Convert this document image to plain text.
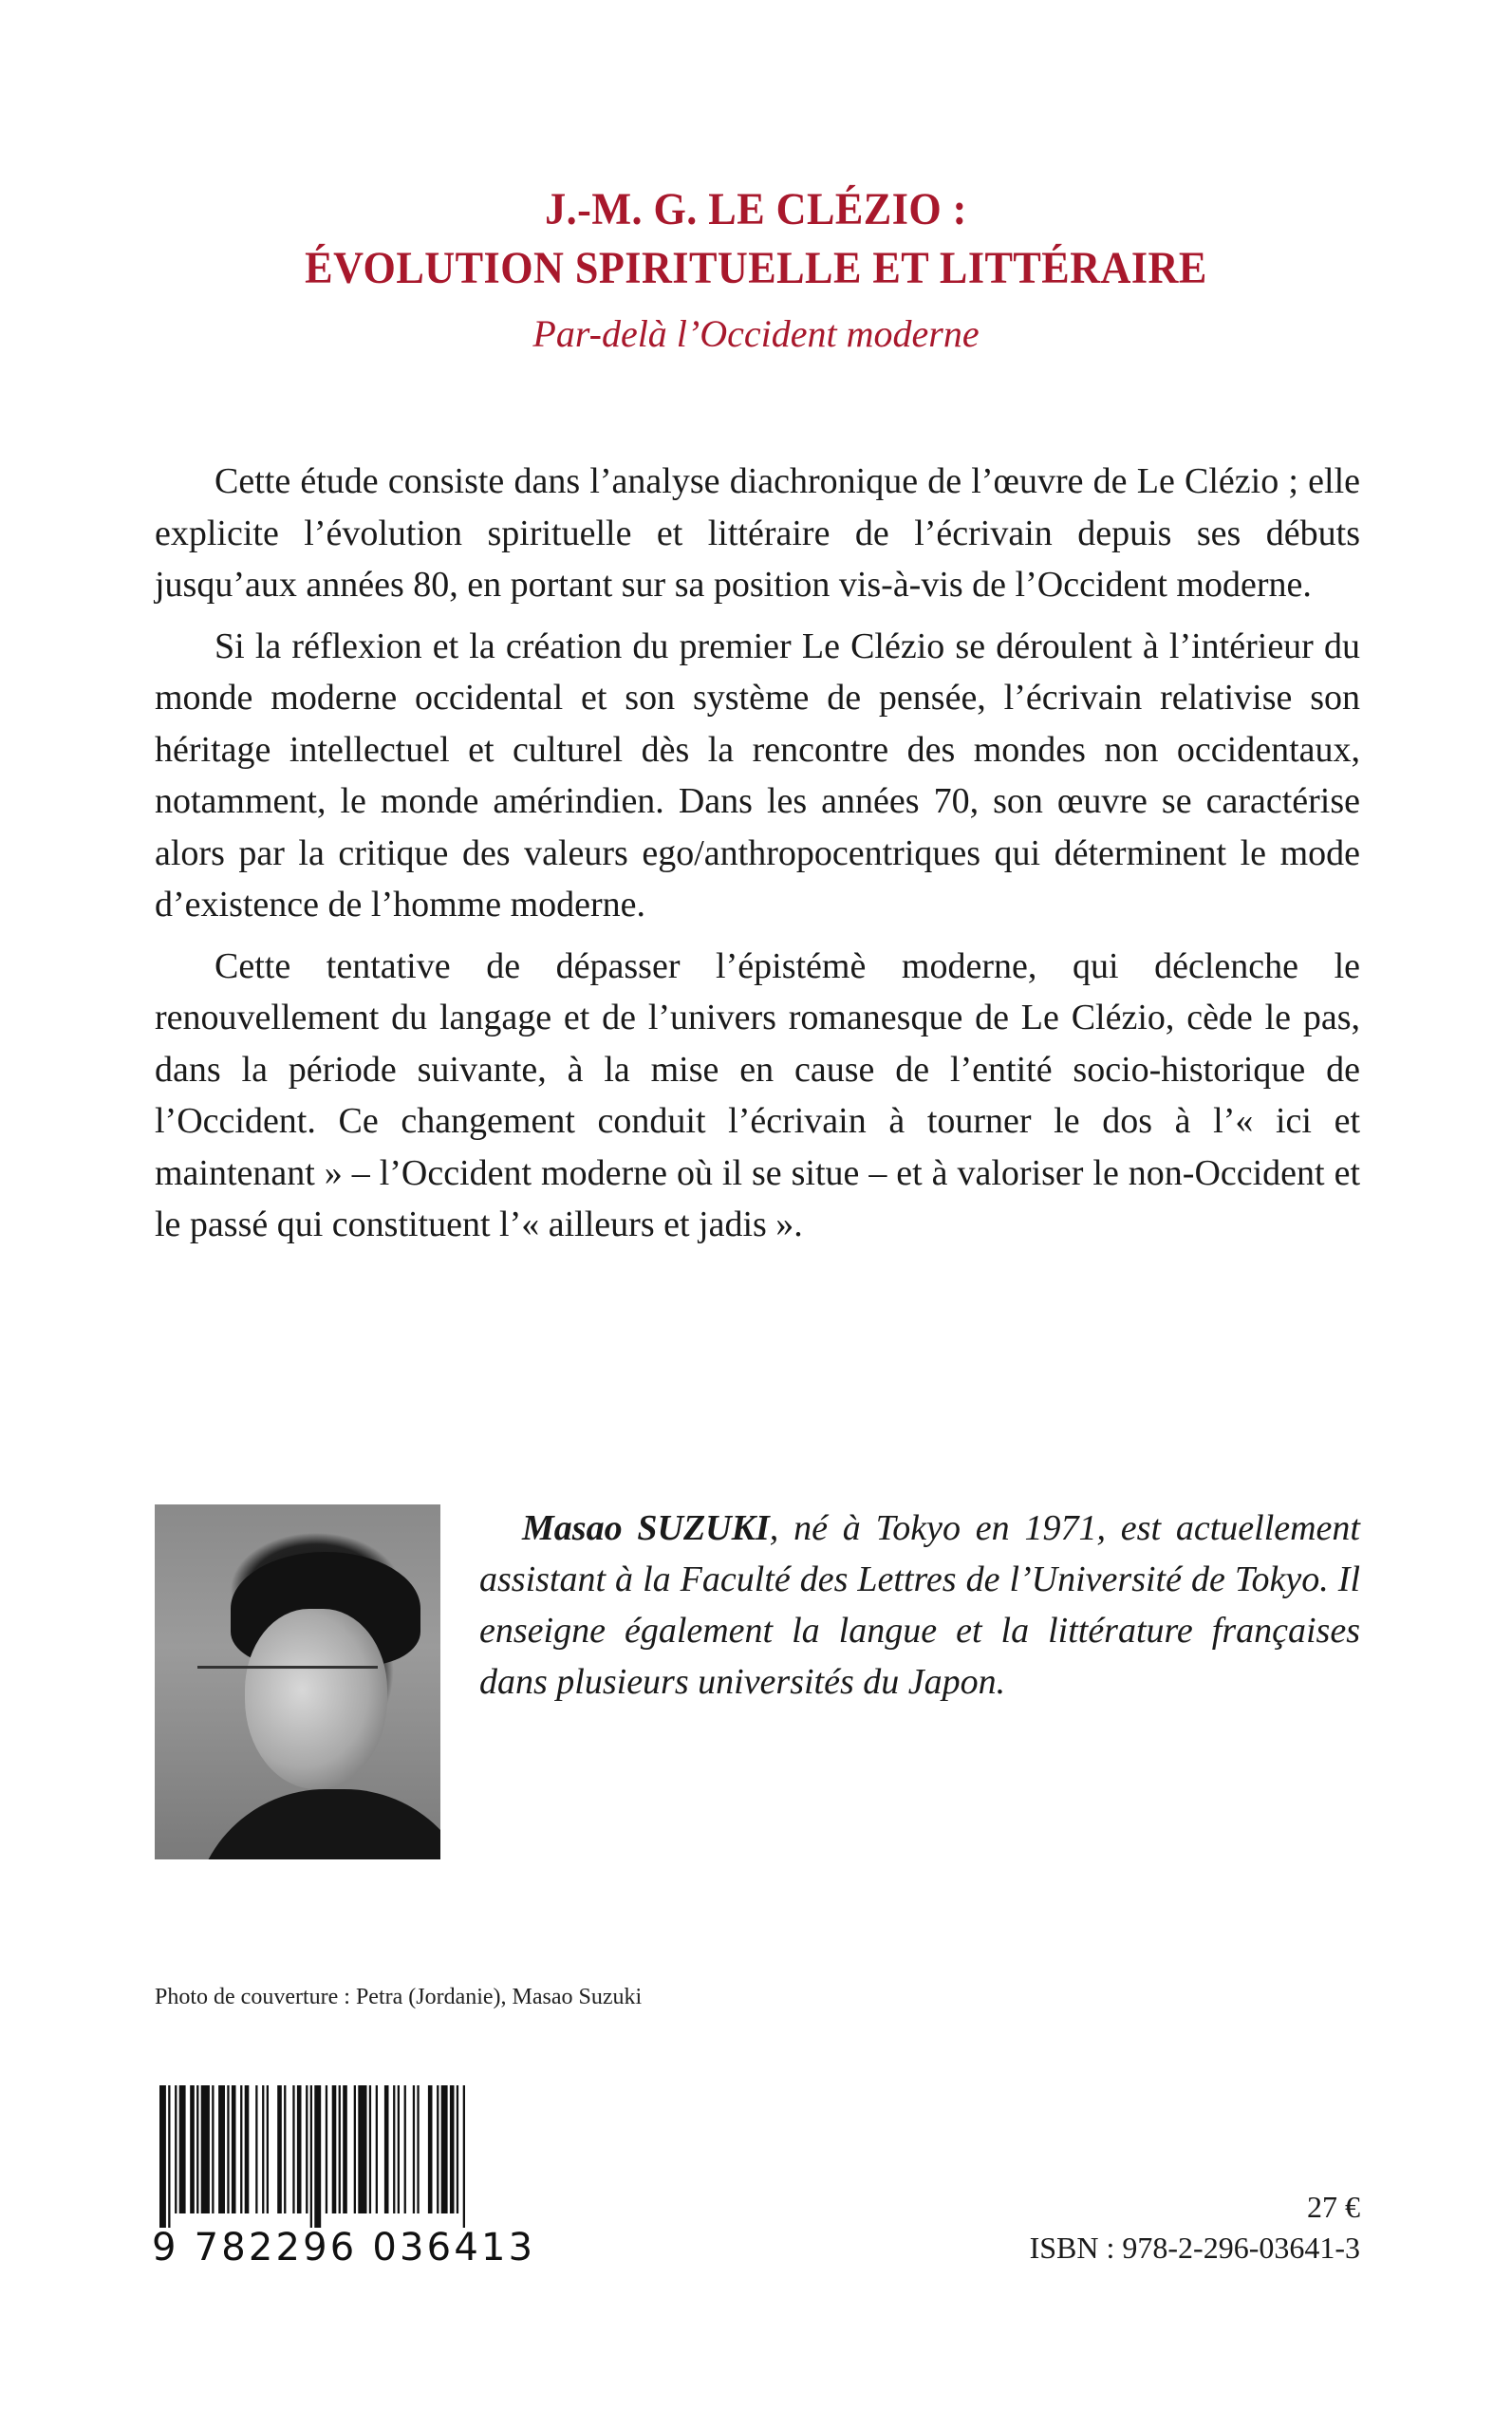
J.-M. G. LE CLÉZIO :
ÉVOLUTION SPIRITUELLE ET LITTÉRAIRE
Par-delà l’Occident moderne

Cette étude consiste dans l’analyse diachronique de l’œuvre de Le Clézio ; elle explicite l’évolution spirituelle et littéraire de l’écrivain depuis ses débuts jusqu’aux années 80, en portant sur sa position vis-à-vis de l’Occident moderne.

Si la réflexion et la création du premier Le Clézio se déroulent à l’intérieur du monde moderne occidental et son système de pensée, l’écrivain relativise son héritage intellectuel et culturel dès la rencontre des mondes non occidentaux, notamment, le monde amérindien. Dans les années 70, son œuvre se caractérise alors par la critique des valeurs ego/anthropocentriques qui déterminent le mode d’existence de l’homme moderne.

Cette tentative de dépasser l’épistémè moderne, qui déclenche le renouvellement du langage et de l’univers romanesque de Le Clézio, cède le pas, dans la période suivante, à la mise en cause de l’entité socio-historique de l’Occident. Ce changement conduit l’écrivain à tourner le dos à l’« ici et maintenant » – l’Occident moderne où il se situe – et à valoriser le non-Occident et le passé qui constituent l’« ailleurs et jadis ».

Masao SUZUKI, né à Tokyo en 1971, est actuellement assistant à la Faculté des Lettres de l’Université de Tokyo. Il enseigne également la langue et la littérature françaises dans plusieurs universités du Japon.

Photo de couverture : Petra (Jordanie), Masao Suzuki
9 782296 036413
27 €
ISBN : 978-2-296-03641-3
